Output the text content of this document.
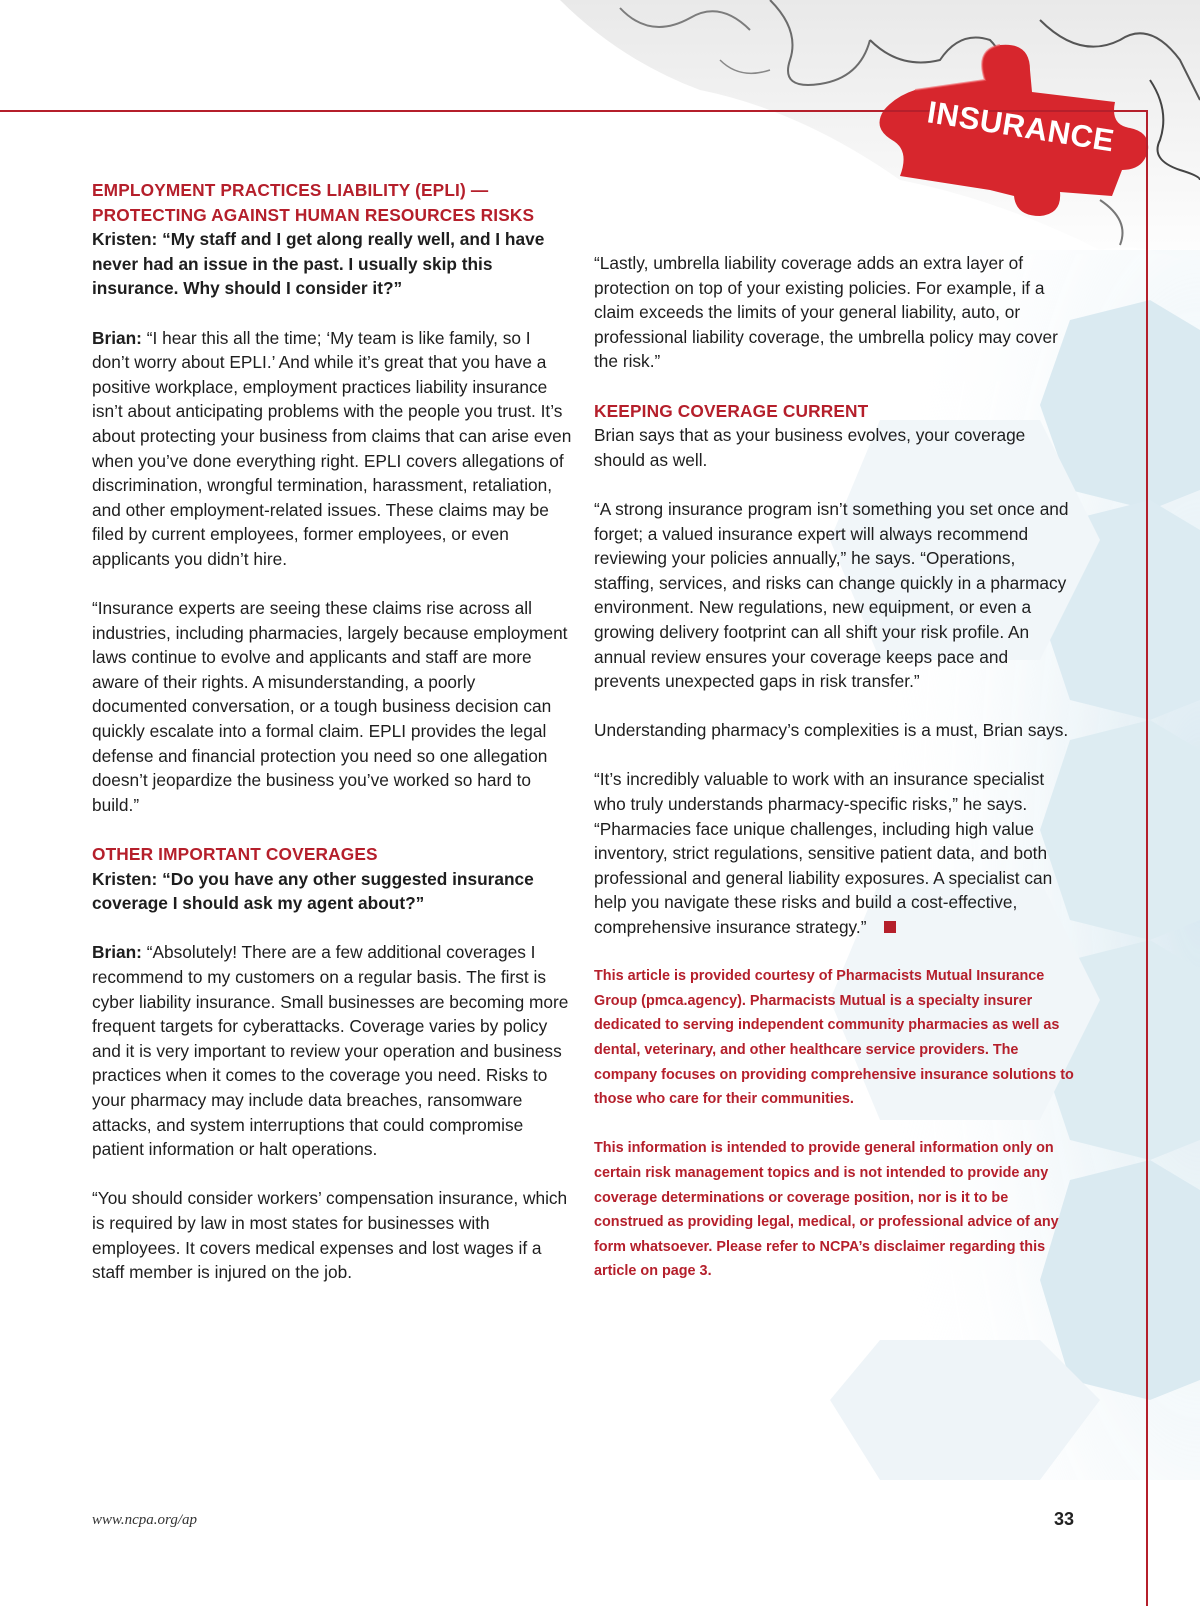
INSURANCE

EMPLOYMENT PRACTICES LIABILITY (EPLI) — PROTECTING AGAINST HUMAN RESOURCES RISKS

Kristen: “My staff and I get along really well, and I have never had an issue in the past. I usually skip this insurance. Why should I consider it?”

Brian: “I hear this all the time; ‘My team is like family, so I don’t worry about EPLI.’ And while it’s great that you have a positive workplace, employment practices liability insurance isn’t about anticipating problems with the people you trust. It’s about protecting your business from claims that can arise even when you’ve done everything right. EPLI covers allegations of discrimination, wrongful termination, harassment, retaliation, and other employment-related issues. These claims may be filed by current employees, former employees, or even applicants you didn’t hire.

“Insurance experts are seeing these claims rise across all industries, including pharmacies, largely because employment laws continue to evolve and applicants and staff are more aware of their rights. A misunderstanding, a poorly documented conversation, or a tough business decision can quickly escalate into a formal claim. EPLI provides the legal defense and financial protection you need so one allegation doesn’t jeopardize the business you’ve worked so hard to build.”

OTHER IMPORTANT COVERAGES

Kristen: “Do you have any other suggested insurance coverage I should ask my agent about?”

Brian: “Absolutely! There are a few additional coverages I recommend to my customers on a regular basis. The first is cyber liability insurance. Small businesses are becoming more frequent targets for cyberattacks. Coverage varies by policy and it is very important to review your operation and business practices when it comes to the coverage you need. Risks to your pharmacy may include data breaches, ransomware attacks, and system interruptions that could compromise patient information or halt operations.

“You should consider workers’ compensation insurance, which is required by law in most states for businesses with employees. It covers medical expenses and lost wages if a staff member is injured on the job.

“Lastly, umbrella liability coverage adds an extra layer of protection on top of your existing policies. For example, if a claim exceeds the limits of your general liability, auto, or professional liability coverage, the umbrella policy may cover the risk.”

KEEPING COVERAGE CURRENT

Brian says that as your business evolves, your coverage should as well.

“A strong insurance program isn’t something you set once and forget; a valued insurance expert will always recommend reviewing your policies annually,” he says. “Operations, staffing, services, and risks can change quickly in a pharmacy environment. New regulations, new equipment, or even a growing delivery footprint can all shift your risk profile. An annual review ensures your coverage keeps pace and prevents unexpected gaps in risk transfer.”

Understanding pharmacy’s complexities is a must, Brian says.

“It’s incredibly valuable to work with an insurance specialist who truly understands pharmacy-specific risks,” he says. “Pharmacies face unique challenges, including high value inventory, strict regulations, sensitive patient data, and both professional and general liability exposures. A specialist can help you navigate these risks and build a cost-effective, comprehensive insurance strategy.”

This article is provided courtesy of Pharmacists Mutual Insurance Group (pmca.agency). Pharmacists Mutual is a specialty insurer dedicated to serving independent community pharmacies as well as dental, veterinary, and other healthcare service providers. The company focuses on providing comprehensive insurance solutions to those who care for their communities.

This information is intended to provide general information only on certain risk management topics and is not intended to provide any coverage determinations or coverage position, nor is it to be construed as providing legal, medical, or professional advice of any form whatsoever. Please refer to NCPA’s disclaimer regarding this article on page 3.

www.ncpa.org/ap	33
